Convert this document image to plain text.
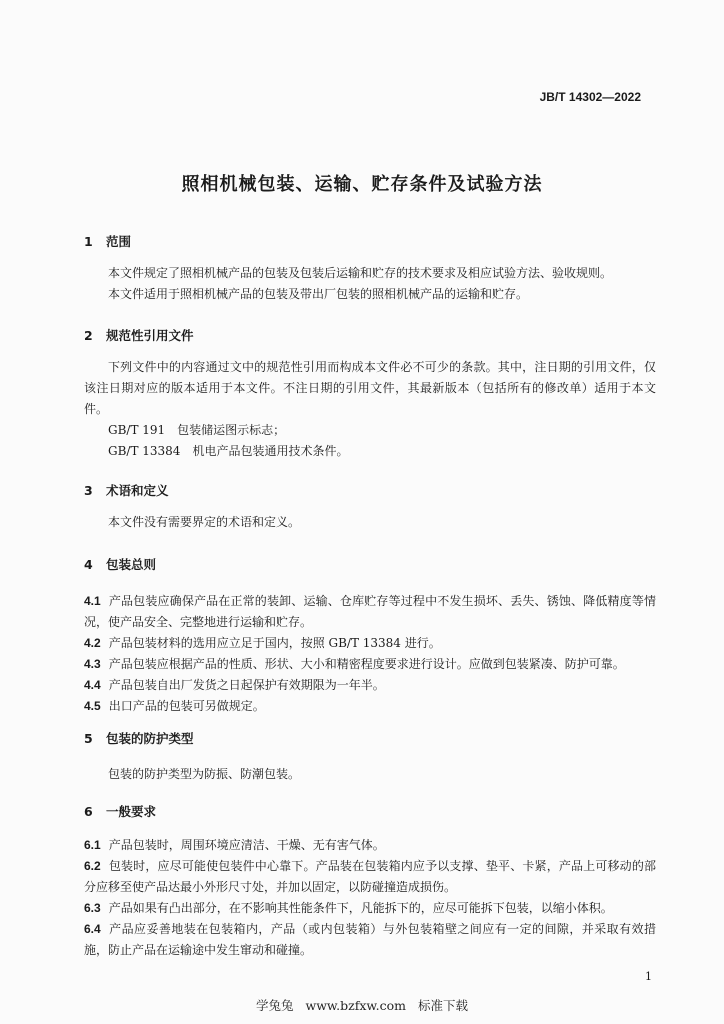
JB/T 14302—2022
照相机械包装、运输、贮存条件及试验方法
1 范围
本文件规定了照相机械产品的包装及包装后运输和贮存的技术要求及相应试验方法、验收规则。
本文件适用于照相机械产品的包装及带出厂包装的照相机械产品的运输和贮存。
2 规范性引用文件
下列文件中的内容通过文中的规范性引用而构成本文件必不可少的条款。其中，注日期的引用文件，仅该注日期对应的版本适用于本文件。不注日期的引用文件，其最新版本（包括所有的修改单）适用于本文件。
GB/T 191　包装储运图示标志；
GB/T 13384　机电产品包装通用技术条件。
3 术语和定义
本文件没有需要界定的术语和定义。
4 包装总则
4.1 产品包装应确保产品在正常的装卸、运输、仓库贮存等过程中不发生损坏、丢失、锈蚀、降低精度等情况，使产品安全、完整地进行运输和贮存。
4.2 产品包装材料的选用应立足于国内，按照 GB/T 13384 进行。
4.3 产品包装应根据产品的性质、形状、大小和精密程度要求进行设计。应做到包装紧凑、防护可靠。
4.4 产品包装自出厂发货之日起保护有效期限为一年半。
4.5 出口产品的包装可另做规定。
5 包装的防护类型
包装的防护类型为防振、防潮包装。
6 一般要求
6.1 产品包装时，周围环境应清洁、干燥、无有害气体。
6.2 包装时，应尽可能使包装件中心靠下。产品装在包装箱内应予以支撑、垫平、卡紧，产品上可移动的部分应移至使产品达最小外形尺寸处，并加以固定，以防碰撞造成损伤。
6.3 产品如果有凸出部分，在不影响其性能条件下，凡能拆下的，应尽可能拆下包装，以缩小体积。
6.4 产品应妥善地装在包装箱内，产品（或内包装箱）与外包装箱壁之间应有一定的间隙，并采取有效措施，防止产品在运输途中发生窜动和碰撞。
1
学兔兔 www.bzfxw.com 标准下载
